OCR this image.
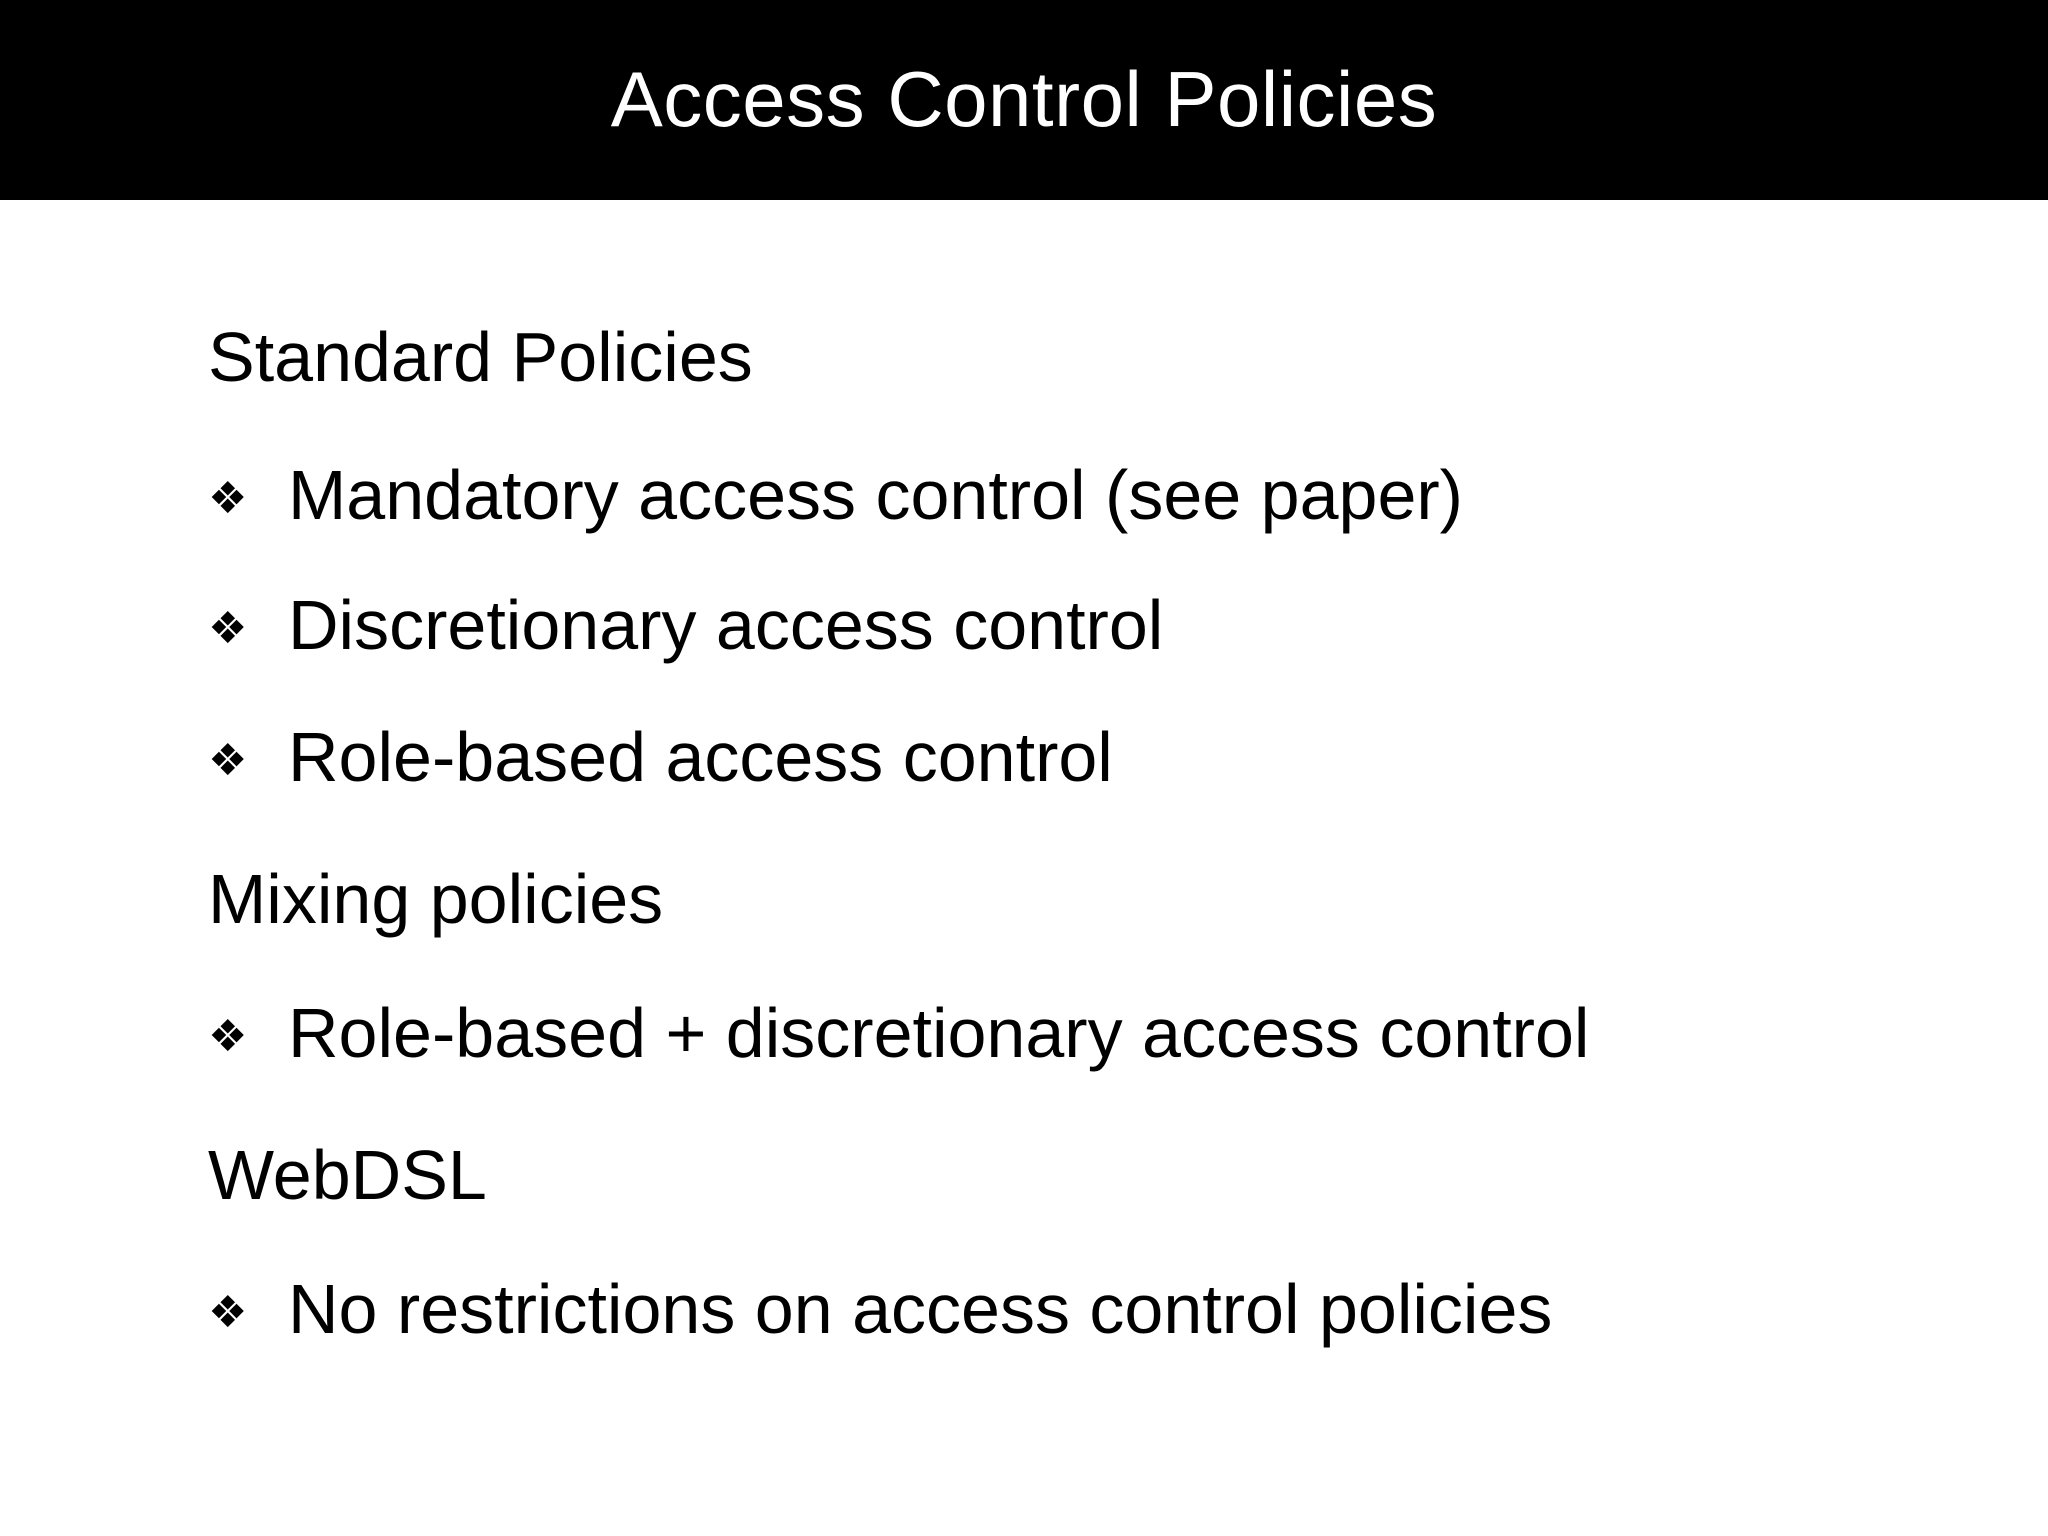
Access Control Policies
Standard Policies
❖ Mandatory access control (see paper)
❖ Discretionary access control
❖ Role-based access control
Mixing policies
❖ Role-based + discretionary access control
WebDSL
❖ No restrictions on access control policies
